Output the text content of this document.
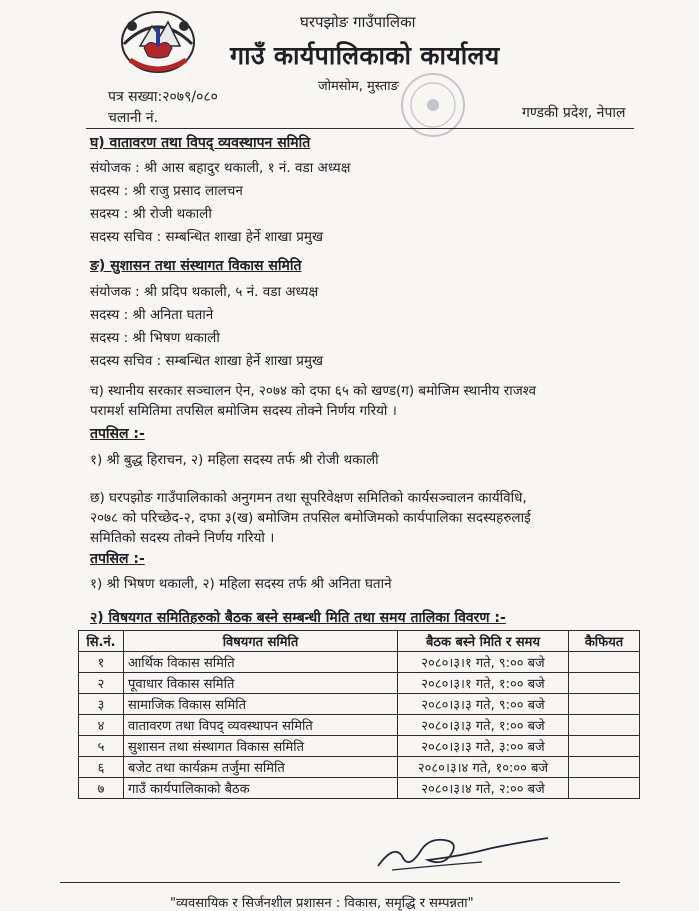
घरपझोङ गाउँपालिका
गाउँ कार्यपालिकाको कार्यालय
जोमसोम, मुस्ताङ
पत्र सख्या:२०७९/०८०
चलानी नं.	गण्डकी प्रदेश, नेपाल
घ) वातावरण तथा विपद् व्यवस्थापन समिति
संयोजक : श्री आस बहादुर थकाली, १ नं. वडा अध्यक्ष
सदस्य : श्री राजु प्रसाद लालचन
सदस्य : श्री रोजी थकाली
सदस्य सचिव : सम्बन्धित शाखा हेर्ने शाखा प्रमुख
ङ) सुशासन तथा संस्थागत विकास समिति
संयोजक : श्री प्रदिप थकाली, ५ नं. वडा अध्यक्ष
सदस्य : श्री अनिता घताने
सदस्य : श्री भिषण थकाली
सदस्य सचिव : सम्बन्धित शाखा हेर्ने शाखा प्रमुख
च) स्थानीय सरकार सञ्चालन ऐन, २०७४ को दफा ६५ को खण्ड(ग) बमोजिम स्थानीय राजश्व
परामर्श समितिमा तपसिल बमोजिम सदस्य तोक्ने निर्णय गरियो ।
तपसिल :-
१) श्री बुद्ध हिराचन, २) महिला सदस्य तर्फ श्री रोजी थकाली
छ) घरपझोङ गाउँपालिकाको अनुगमन तथा सूपरिवेक्षण समितिको कार्यसञ्चालन कार्यविधि,
२०७८ को परिच्छेद-२, दफा ३(ख) बमोजिम तपसिल बमोजिमको कार्यपालिका सदस्यहरुलाई
समितिको सदस्य तोक्ने निर्णय गरियो ।
तपसिल :-
१) श्री भिषण थकाली, २) महिला सदस्य तर्फ श्री अनिता घताने
२) विषयगत समितिहरुको बैठक बस्ने सम्बन्धी मिति तथा समय तालिका विवरण :-
सि.नं.	विषयगत समिति	बैठक बस्ने मिति र समय	कैफियत
१	आर्थिक विकास समिति	२०८०।३।१ गते, ९:०० बजे	
२	पूवाधार विकास समिति	२०८०।३।१ गते, १:०० बजे	
३	सामाजिक विकास समिति	२०८०।३।३ गते, ९:०० बजे	
४	वातावरण तथा विपद् व्यवस्थापन समिति	२०८०।३।३ गते, १:०० बजे	
५	सुशासन तथा संस्थागत विकास समिति	२०८०।३।३ गते, ३:०० बजे	
६	बजेट तथा कार्यक्रम तर्जुमा समिति	२०८०।३।४ गते, १०:०० बजे	
७	गाउँ कार्यपालिकाको बैठक	२०८०।३।४ गते, २:०० बजे	
"व्यवसायिक र सिर्जनशील प्रशासन : विकास, समृद्धि र सम्पन्नता"
